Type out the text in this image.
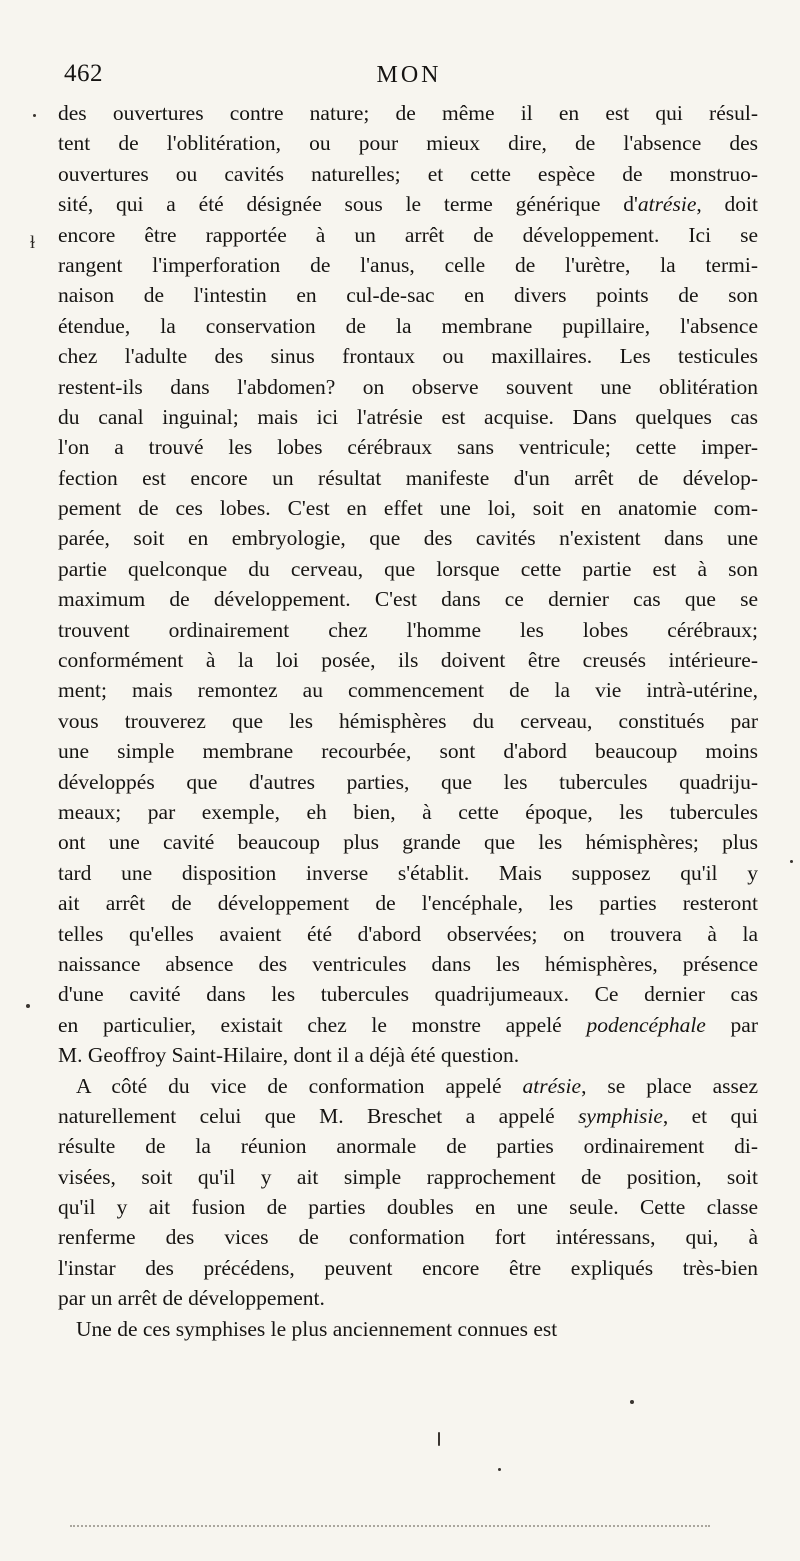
462	MON
ɫ
des ouvertures contre nature; de même il en est qui résul-
tent de l'oblitération, ou pour mieux dire, de l'absence des
ouvertures ou cavités naturelles; et cette espèce de monstruo-
sité, qui a été désignée sous le terme générique d'atrésie, doit
encore être rapportée à un arrêt de développement. Ici se
rangent l'imperforation de l'anus, celle de l'urètre, la termi-
naison de l'intestin en cul-de-sac en divers points de son
étendue, la conservation de la membrane pupillaire, l'absence
chez l'adulte des sinus frontaux ou maxillaires. Les testicules
restent-ils dans l'abdomen? on observe souvent une oblitération
du canal inguinal; mais ici l'atrésie est acquise. Dans quelques cas
l'on a trouvé les lobes cérébraux sans ventricule; cette imper-
fection est encore un résultat manifeste d'un arrêt de dévelop-
pement de ces lobes. C'est en effet une loi, soit en anatomie com-
parée, soit en embryologie, que des cavités n'existent dans une
partie quelconque du cerveau, que lorsque cette partie est à son
maximum de développement. C'est dans ce dernier cas que se
trouvent ordinairement chez l'homme les lobes cérébraux;
conformément à la loi posée, ils doivent être creusés intérieure-
ment; mais remontez au commencement de la vie intrà-utérine,
vous trouverez que les hémisphères du cerveau, constitués par
une simple membrane recourbée, sont d'abord beaucoup moins
développés que d'autres parties, que les tubercules quadriju-
meaux; par exemple, eh bien, à cette époque, les tubercules
ont une cavité beaucoup plus grande que les hémisphères; plus
tard une disposition inverse s'établit. Mais supposez qu'il y
ait arrêt de développement de l'encéphale, les parties resteront
telles qu'elles avaient été d'abord observées; on trouvera à la
naissance absence des ventricules dans les hémisphères, présence
d'une cavité dans les tubercules quadrijumeaux. Ce dernier cas
en particulier, existait chez le monstre appelé podencéphale par
M. Geoffroy Saint-Hilaire, dont il a déjà été question.
A côté du vice de conformation appelé atrésie, se place assez
naturellement celui que M. Breschet a appelé symphisie, et qui
résulte de la réunion anormale de parties ordinairement di-
visées, soit qu'il y ait simple rapprochement de position, soit
qu'il y ait fusion de parties doubles en une seule. Cette classe
renferme des vices de conformation fort intéressans, qui, à
l'instar des précédens, peuvent encore être expliqués très-bien
par un arrêt de développement.
Une de ces symphises le plus anciennement connues est
